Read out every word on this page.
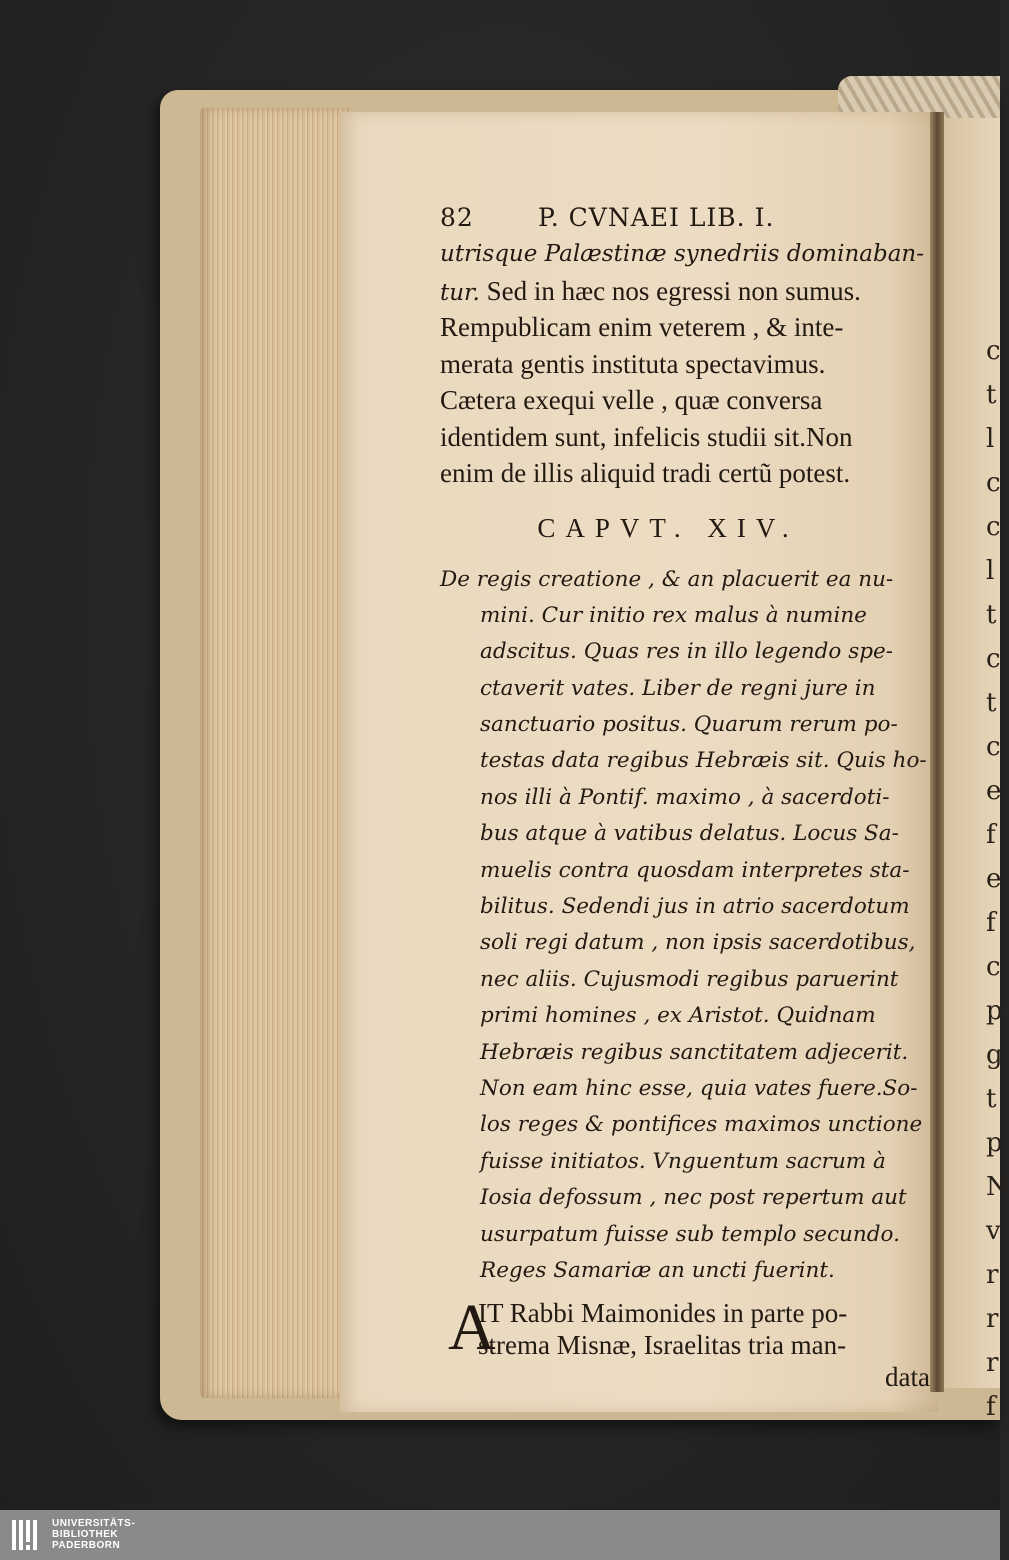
c
t
l
c
c
l
t
c
t
c
e
f
e
f
c
p
g
t
p
N
v
r
r
r
f
82	P. CVNAEI LIB. I.
utrisque Palæstinæ synedriis dominaban-
tur. Sed in hæc nos egressi non sumus.
Rempublicam enim veterem , & inte-
merata gentis instituta spectavimus.
Cætera exequi velle , quæ conversa
identidem sunt, infelicis studii sit.Non
enim de illis aliquid tradi certũ potest.
CAPVT. XIV.
De regis creatione , & an placuerit ea nu-
mini. Cur initio rex malus à numine
adscitus. Quas res in illo legendo spe-
ctaverit vates. Liber de regni jure in
sanctuario positus. Quarum rerum po-
testas data regibus Hebræis sit. Quis ho-
nos illi à Pontif. maximo , à sacerdoti-
bus atque à vatibus delatus. Locus Sa-
muelis contra quosdam interpretes sta-
bilitus. Sedendi jus in atrio sacerdotum
soli regi datum , non ipsis sacerdotibus,
nec aliis. Cujusmodi regibus paruerint
primi homines , ex Aristot. Quidnam
Hebræis regibus sanctitatem adjecerit.
Non eam hinc esse, quia vates fuere.So-
los reges & pontifices maximos unctione
fuisse initiatos. Vnguentum sacrum à
Iosia defossum , nec post repertum aut
usurpatum fuisse sub templo secundo.
Reges Samariæ an uncti fuerint.
A
IT Rabbi Maimonides in parte po-
strema Misnæ, Israelitas tria man-
data
UNIVERSITÄTS-
BIBLIOTHEK
PADERBORN
